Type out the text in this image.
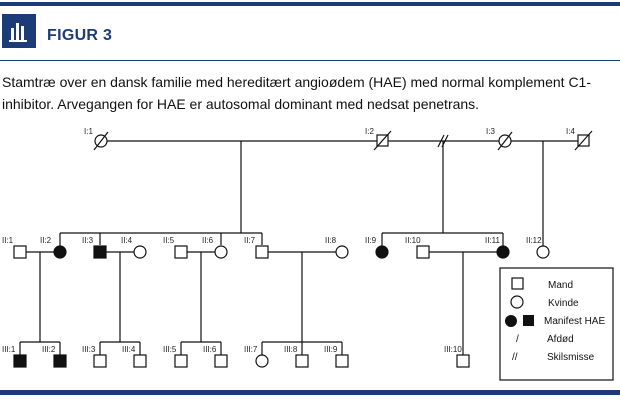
FIGUR 3
Stamtræ over en dansk familie med hereditært angioødem (HAE) med normal komplement C1-
inhibitor. Arvegangen for HAE er autosomal dominant med nedsat penetrans.
I:1	I:2	I:3	I:4
II:1	II:2	II:3	II:4	II:5	II:6	II:7	II:8	II:9	II:10	II:11	II:12
III:1	III:2	III:3	III:4	III:5	III:6	III:7	III:8	III:9	III:10
Mand
Kvinde
Manifest HAE
/	Afdød
//	Skilsmisse
